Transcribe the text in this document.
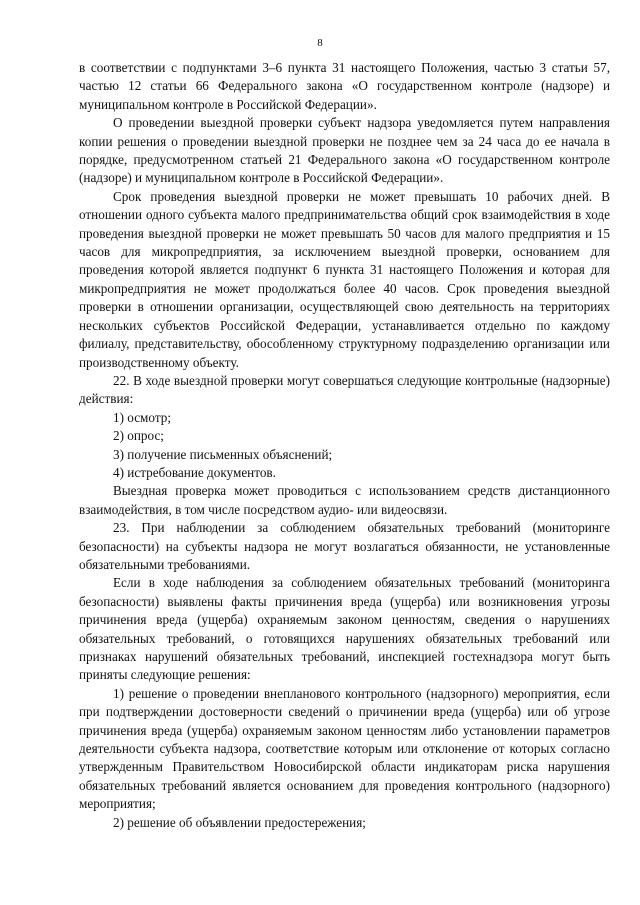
8

в соответствии с подпунктами 3–6 пункта 31 настоящего Положения, частью 3 статьи 57, частью 12 статьи 66 Федерального закона «О государственном контроле (надзоре) и муниципальном контроле в Российской Федерации».

О проведении выездной проверки субъект надзора уведомляется путем направления копии решения о проведении выездной проверки не позднее чем за 24 часа до ее начала в порядке, предусмотренном статьей 21 Федерального закона «О государственном контроле (надзоре) и муниципальном контроле в Российской Федерации».

Срок проведения выездной проверки не может превышать 10 рабочих дней. В отношении одного субъекта малого предпринимательства общий срок взаимодействия в ходе проведения выездной проверки не может превышать 50 часов для малого предприятия и 15 часов для микропредприятия, за исключением выездной проверки, основанием для проведения которой является подпункт 6 пункта 31 настоящего Положения и которая для микропредприятия не может продолжаться более 40 часов. Срок проведения выездной проверки в отношении организации, осуществляющей свою деятельность на территориях нескольких субъектов Российской Федерации, устанавливается отдельно по каждому филиалу, представительству, обособленному структурному подразделению организации или производственному объекту.

22. В ходе выездной проверки могут совершаться следующие контрольные (надзорные) действия:

1) осмотр;

2) опрос;

3) получение письменных объяснений;

4) истребование документов.

Выездная проверка может проводиться с использованием средств дистанционного взаимодействия, в том числе посредством аудио- или видеосвязи.

23. При наблюдении за соблюдением обязательных требований (мониторинге безопасности) на субъекты надзора не могут возлагаться обязанности, не установленные обязательными требованиями.

Если в ходе наблюдения за соблюдением обязательных требований (мониторинга безопасности) выявлены факты причинения вреда (ущерба) или возникновения угрозы причинения вреда (ущерба) охраняемым законом ценностям, сведения о нарушениях обязательных требований, о готовящихся нарушениях обязательных требований или признаках нарушений обязательных требований, инспекцией гостехнадзора могут быть приняты следующие решения:

1) решение о проведении внепланового контрольного (надзорного) мероприятия, если при подтверждении достоверности сведений о причинении вреда (ущерба) или об угрозе причинения вреда (ущерба) охраняемым законом ценностям либо установлении параметров деятельности субъекта надзора, соответствие которым или отклонение от которых согласно утвержденным Правительством Новосибирской области индикаторам риска нарушения обязательных требований является основанием для проведения контрольного (надзорного) мероприятия;

2) решение об объявлении предостережения;
